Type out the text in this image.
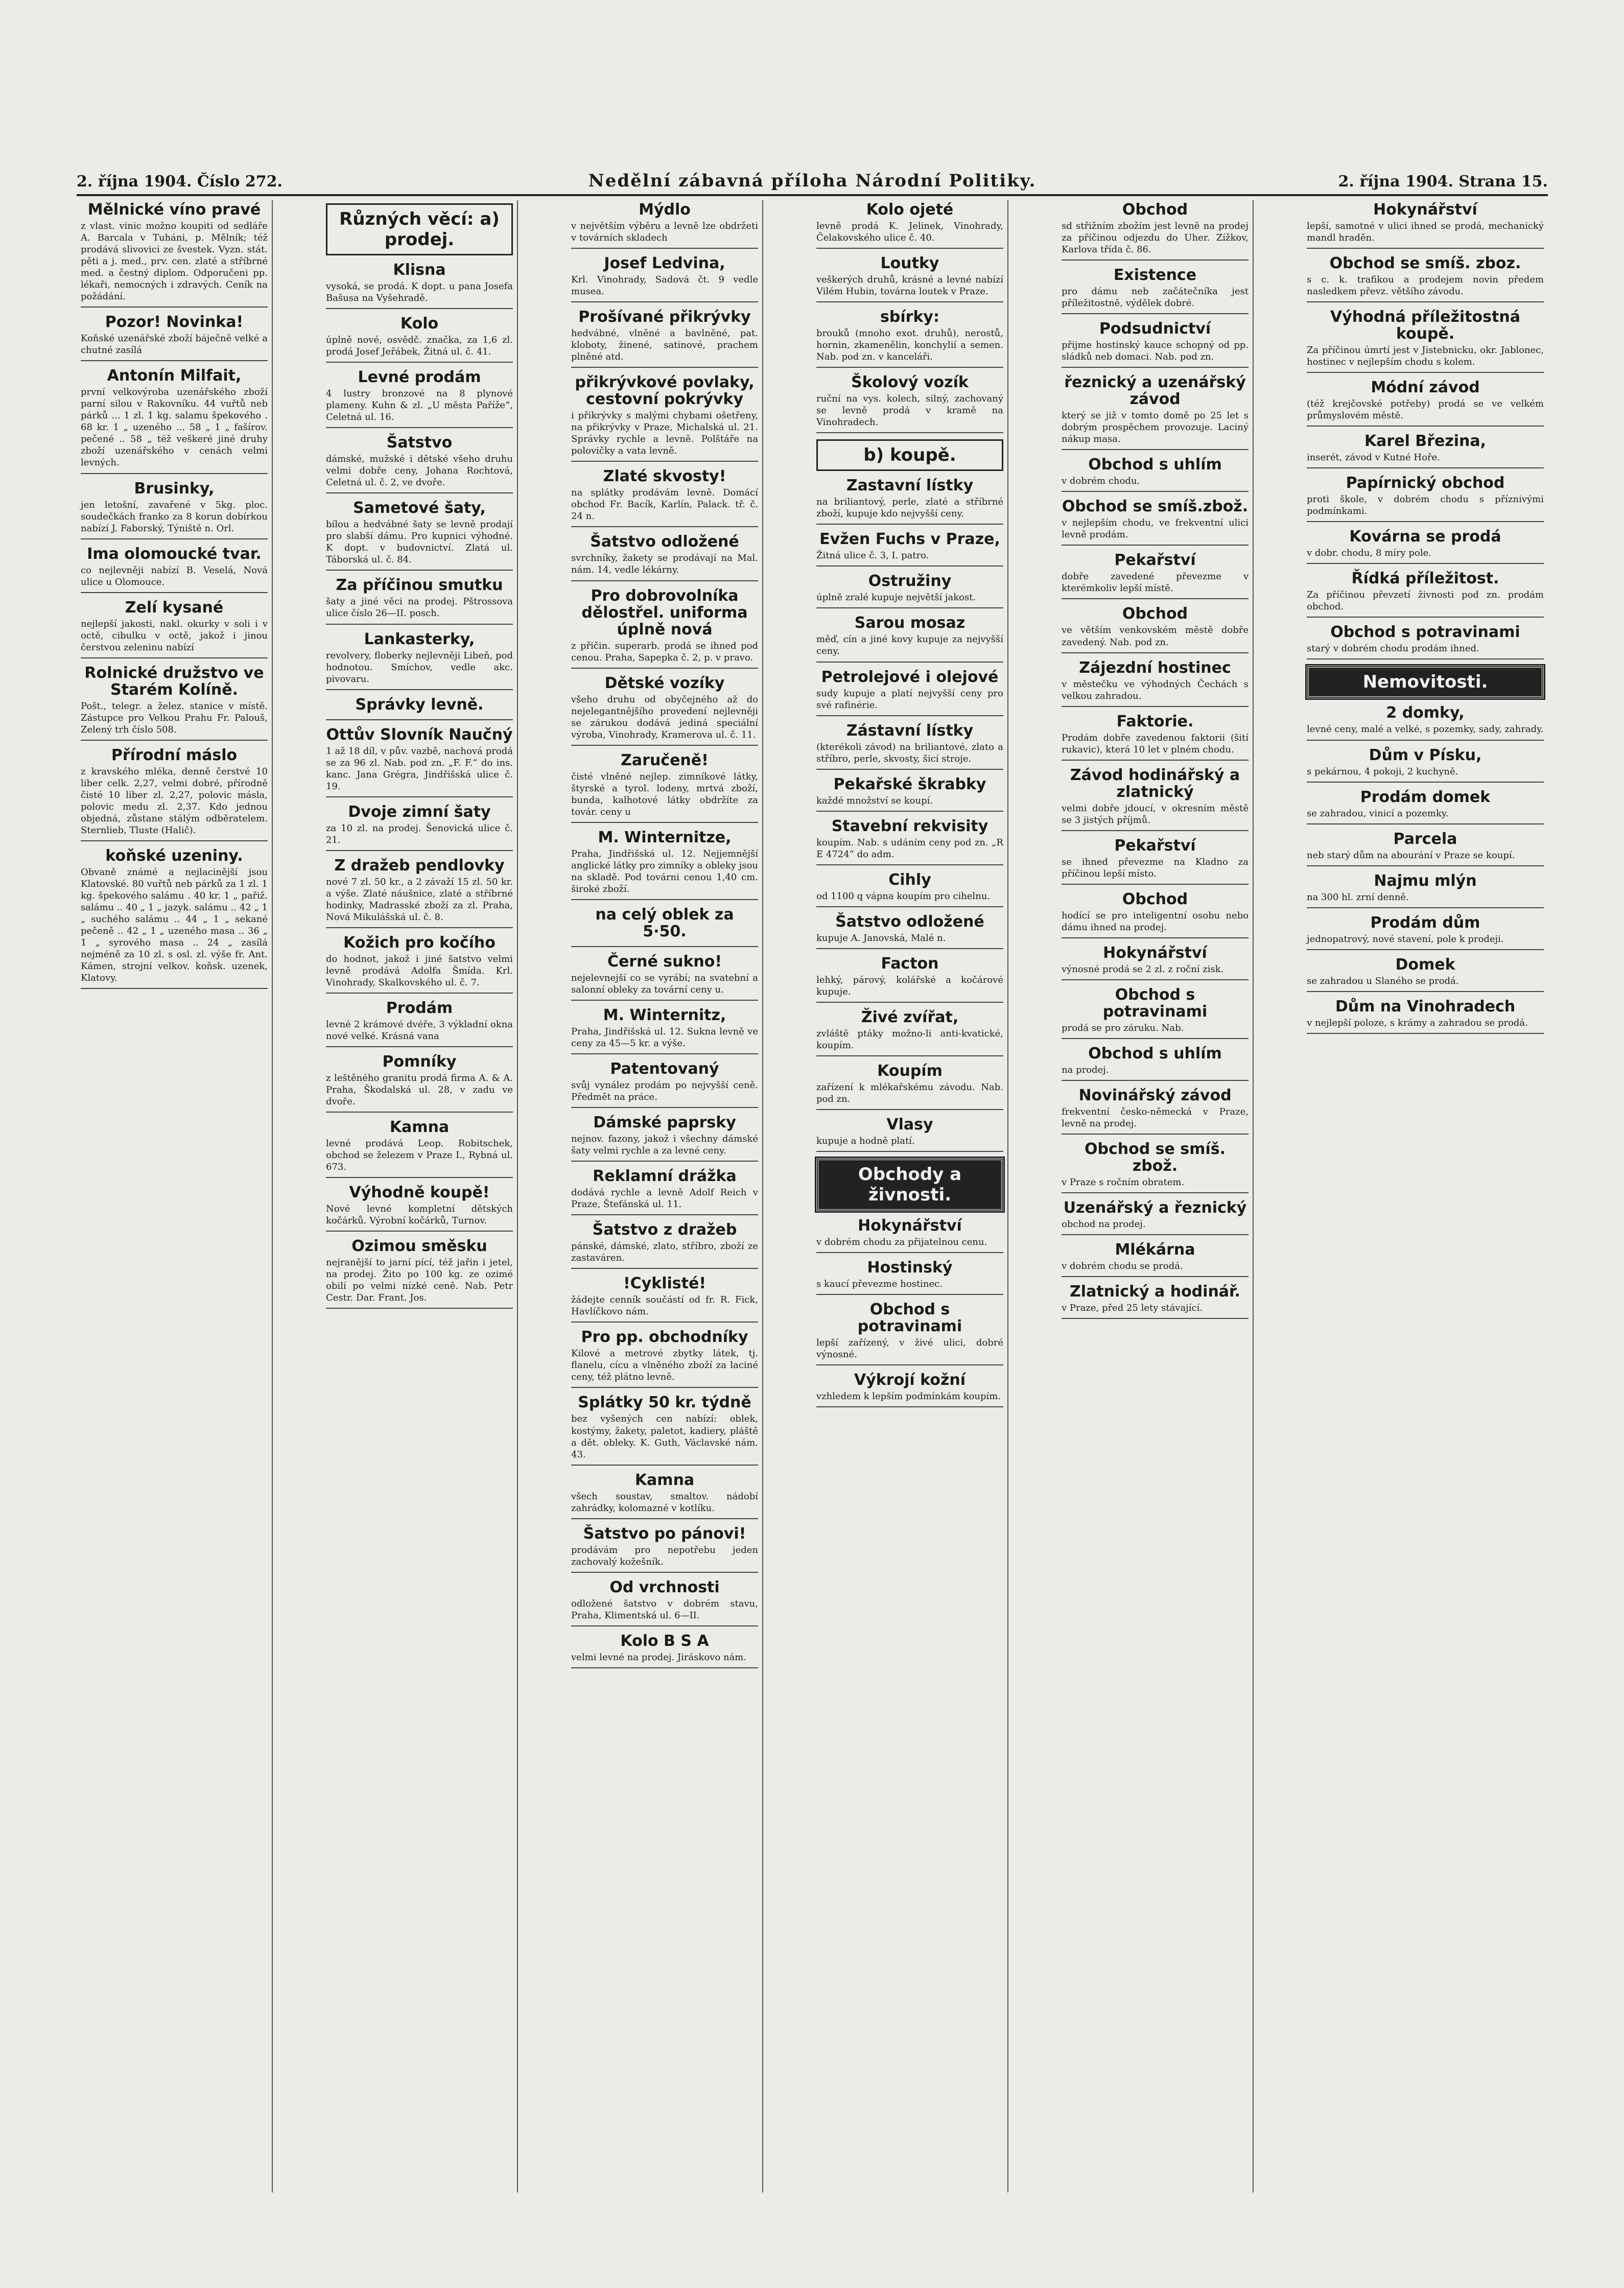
2. října 1904. Číslo 272.	Nedělní zábavná příloha Národní Politiky.	2. října 1904. Strana 15.
Mělnické víno pravé

z vlast. vinic možno koupiti od sedláře A. Barcala v Tuháni, p. Mělník; též prodává slivovici ze švestek. Vyzn. stát. pěti a j. med., prv. cen. zlaté a stříbrné med. a čestný diplom. Odporučeni pp. lékaři, nemocných i zdravých. Ceník na požádání.

Pozor! Novinka!

Koňské uzenářské zboží báječně velké a chutné zasílá

Antonín Milfait,

první velkovýroba uzenářského zboží parní silou v Rakovníku. 44 vuřtů neb párků ... 1 zl. 1 kg. salamu špekového . 68 kr. 1 „ uzeného ... 58 „ 1 „ fašírov. pečené .. 58 „ též veškeré jiné druhy zboží uzenářského v cenách velmi levných.

Brusinky,

jen letošní, zavařené v 5kg. ploc. soudečkách franko za 8 korun dobírkou nabízí J. Faborský, Týniště n. Orl.

Ima olomoucké tvar.

co nejlevněji nabízí B. Veselá, Nová ulice u Olomouce.

Zelí kysané

nejlepší jakosti, nakl. okurky v soli i v octě, cibulku v octě, jakož i jinou čerstvou zeleninu nabízí

Rolnické družstvo ve Starém Kolíně.

Pošt., telegr. a želez. stanice v místě. Zástupce pro Velkou Prahu Fr. Palouš, Zelený trh číslo 508.

Přírodní máslo

z kravského mléka, denně čerstvé 10 liber celk. 2,27, velmi dobré, přírodně čisté 10 liber zl. 2,27, polovic másla, polovic medu zl. 2,37. Kdo jednou objedná, zůstane stálým odběratelem. Sternlieb, Tluste (Halič).

koňské uzeniny.

Obvaně známé a nejlacinější jsou Klatovské. 80 vuřtů neb párků za 1 zl. 1 kg. špekového salámu . 40 kr. 1 „ pařiž. salámu .. 40 „ 1 „ jazyk. salámu .. 42 „ 1 „ suchého salámu .. 44 „ 1 „ sekané pečeně .. 42 „ 1 „ uzeného masa .. 36 „ 1 „ syrového masa .. 24 „ zasílá nejméně za 10 zl. s osl. zl. výše fr. Ant. Kámen, strojní velkov. koňsk. uzenek, Klatovy.

Různých věcí: a) prodej.
Klisna

vysoká, se prodá. K dopt. u pana Josefa Bašusa na Vyšehradě.

Kolo

úplně nové, osvědč. značka, za 1,6 zl. prodá Josef Jeřábek, Žitná ul. č. 41.

Levné prodám

4 lustry bronzové na 8 plynové plameny. Kuhn & zl. „U města Paříže“, Celetná ul. 16.

Šatstvo

dámské, mužské i dětské všeho druhu velmi dobře ceny, Johana Rochtová, Celetná ul. č. 2, ve dvoře.

Sametové šaty,

bílou a hedvábné šaty se levně prodají pro slabší dámu. Pro kupnici výhodné. K dopt. v budovnictví. Zlatá ul. Táborská ul. č. 84.

Za příčinou smutku

šaty a jiné věci na prodej. Pštrossova ulice číslo 26—II. posch.

Lankasterky,

revolvery, floberky nejlevněji Libeň, pod hodnotou. Smíchov, vedle akc. pivovaru.

Správky levně.
Ottův Slovník Naučný

1 až 18 díl, v pův. vazbě, nachová prodá se za 96 zl. Nab. pod zn. „F. F.“ do ins. kanc. Jana Grégra, Jindřišská ulice č. 19.

Dvoje zimní šaty

za 10 zl. na prodej. Šenovická ulice č. 21.

Z dražeb pendlovky

nové 7 zl. 50 kr., a 2 závaží 15 zl. 50 kr. a výše. Zlaté náušnice, zlaté a stříbrné hodinky, Madrasské zboží za zl. Praha, Nová Mikulášská ul. č. 8.

Kožich pro kočího

do hodnot, jakož i jiné šatstvo velmi levně prodává Adolfa Šmída. Krl. Vinohrady, Skalkovského ul. č. 7.

Prodám

levné 2 krámové dvéře, 3 výkladní okna nové velké. Krásná vana

Pomníky

z leštěného granitu prodá firma A. & A. Praha, Škodalská ul. 28, v zadu ve dvoře.

Kamna

levné prodává Leop. Robitschek, obchod se železem v Praze I., Rybná ul. 673.

Výhodně koupě!

Nové levné kompletní dětských kočárků. Výrobní kočárků, Turnov.

Ozimou směsku

nejranější to jarní pící, též jařin i jetel, na prodej. Žito po 100 kg. ze ozimé obilí po velmi nízké ceně. Nab. Petr Cestr. Dar. Frant. Jos.

Mýdlo

v největším výběru a levně lze obdržeti v továrních skladech

Josef Ledvina,

Krl. Vinohrady, Sadová čt. 9 vedle musea.

Prošívané přikrývky

hedvábné, vlněné a bavlněné, pat. kloboty, žinené, satinové, prachem plněné atd.

přikrývkové povlaky, cestovní pokrývky

i přikrývky s malými chybami ošetřeny, na přikrývky v Praze, Michalská ul. 21. Správky rychle a levně. Polštáře na polovičky a vata levně.

Zlaté skvosty!

na splátky prodávám levně. Domácí obchod Fr. Bacík, Karlín, Palack. tř. č. 24 n.

Šatstvo odložené

svrchníky, žakety se prodávají na Mal. nám. 14, vedle lékárny.

Pro dobrovolníka dělostřel. uniforma úplně nová

z přičin. superarb. prodá se ihned pod cenou. Praha, Sapepka č. 2, p. v pravo.

Dětské vozíky

všeho druhu od obyčejného až do nejelegantnějšího provedení nejlevněji se zárukou dodává jediná speciální výroba, Vinohrady, Kramerova ul. č. 11.

Zaručeně!

čisté vlněné nejlep. zimníkové látky, štyrské a tyrol. lodeny, mrtvá zboží, bunda, kalhotové látky obdržíte za továr. ceny u

M. Winternitze,

Praha, Jindřišská ul. 12. Nejjemnější anglické látky pro zimníky a obleky jsou na skladě. Pod továrni cenou 1,40 cm. široké zboží.

na celý oblek za 5·50.
Černé sukno!

nejelevnejší co se vyrábí; na svatební a salonní obleky za tovární ceny u.

M. Winternitz,

Praha, Jindřišská ul. 12. Sukna levně ve ceny za 45—5 kr. a výše.

Patentovaný

svůj vynález prodám po nejvyšší ceně. Předmět na práce.

Dámské paprsky

nejnov. fazony, jakož i všechny dámské šaty velmi rychle a za levné ceny.

Reklamní drážka

dodává rychle a levně Adolf Reich v Praze, Štefánská ul. 11.

Šatstvo z dražeb

pánské, dámské, zlato, stříbro, zboží ze zastaváren.

!Cyklisté!

žádejte cenník součástí od fr. R. Fick, Havlíčkovo nám.

Pro pp. obchodníky

Kilové a metrové zbytky látek, tj. flanelu, cícu a vlněného zboží za laciné ceny, též plátno levně.

Splátky 50 kr. týdně

bez vyšených cen nabízí: oblek, kostýmy, žakety, paletot, kadiery, pláště a dět. obleky. K. Guth, Václavské nám. 43.

Kamna

všech soustav, smaltov. nádobí zahrádky, kolomazné v kotlíku.

Šatstvo po pánovi!

prodávám pro nepotřebu jeden zachovalý kožešník.

Od vrchnosti

odložené šatstvo v dobrém stavu, Praha, Klimentská ul. 6—II.

Kolo B S A

velmi levné na prodej. Jiráskovo nám.

Kolo ojeté

levně prodá K. Jelinek, Vinohrady, Čelakovského ulice č. 40.

Loutky

veškerých druhů, krásné a levné nabízí Vilém Hubin, továrna loutek v Praze.

sbírky:

brouků (mnoho exot. druhů), nerostů, hornin, zkamenělin, konchylií a semen. Nab. pod zn. v kanceláři.

Školový vozík

ruční na vys. kolech, silný, zachovaný se levně prodá v kramě na Vinohradech.

b) koupě.
Zastavní lístky

na briliantový, perle, zlaté a stříbrné zboží, kupuje kdo nejvyšší ceny.

Evžen Fuchs v Praze,

Žitná ulice č. 3, I. patro.

Ostružiny

úplně zralé kupuje největší jakost.

Sarou mosaz

měď, cín a jiné kovy kupuje za nejvyšší ceny.

Petrolejové i olejové

sudy kupuje a platí nejvyšší ceny pro své rafinérie.

Zástavní lístky

(kterékoli závod) na briliantové, zlato a stříbro, perle, skvosty, šicí stroje.

Pekařské škrabky

každé množství se koupí.

Stavební rekvisity

koupím. Nab. s udáním ceny pod zn. „R E 4724“ do adm.

Cihly

od 1100 q vápna koupím pro cihelnu.

Šatstvo odložené

kupuje A. Janovská, Malé n.

Facton

lehký, párový, kolářské a kočárové kupuje.

Živé zvířat,

zvláště ptáky možno-li anti-kvatické, koupím.

Koupím

zařízení k mlékařskému závodu. Nab. pod zn.

Vlasy

kupuje a hodně platí.

Obchody a živnosti.
Hokynářství

v dobrém chodu za přijatelnou cenu.

Hostinský

s kaucí převezme hostinec.

Obchod s potravinami

lepší zařízený, v živé ulici, dobré výnosné.

Výkrojí kožní

vzhledem k lepším podmínkám koupím.

Obchod

sd střižním zbožím jest levně na prodej za příčinou odjezdu do Uher. Zížkov, Karlova třída č. 86.

Existence

pro dámu neb začátečníka jest příležitostně, výdělek dobré.

Podsudnictví

přijme hostinský kauce schopný od pp. sládků neb domaci. Nab. pod zn.

řeznický a uzenářský závod

který se již v tomto domě po 25 let s dobrým prospěchem provozuje. Laciný nákup masa.

Obchod s uhlím

v dobrém chodu.

Obchod se smíš.zbož.

v nejlepším chodu, ve frekventní ulici levně prodám.

Pekařství

dobře zavedené převezme v kterémkoliv lepší místě.

Obchod

ve větším venkovském městě dobře zavedený. Nab. pod zn.

Zájezdní hostinec

v městečku ve výhodných Čechách s velkou zahradou.

Faktorie.

Prodám dobře zavedenou faktorii (šití rukavic), která 10 let v plném chodu.

Závod hodinářský a zlatnický

velmi dobře jdoucí, v okresním městě se 3 jistých příjmů.

Pekařství

se ihned převezme na Kladno za příčinou lepší místo.

Obchod

hodící se pro inteligentní osobu nebo dámu ihned na prodej.

Hokynářství

výnosné prodá se 2 zl. z roční zisk.

Obchod s potravinami

prodá se pro záruku. Nab.

Obchod s uhlím

na prodej.

Novinářský závod

frekventní česko-německá v Praze, levně na prodej.

Obchod se smíš. zbož.

v Praze s ročním obratem.

Uzenářský a řeznický

obchod na prodej.

Mlékárna

v dobrém chodu se prodá.

Zlatnický a hodinář.

v Praze, před 25 lety stávající.

Hokynářství

lepší, samotné v ulici ihned se prodá, mechanický mandl hraděn.

Obchod se smíš. zboz.

s c. k. trafikou a prodejem novin předem nasledkem převz. většího závodu.

Výhodná příležitostná koupě.

Za příčinou úmrtí jest v Jistebnicku, okr. Jablonec, hostinec v nejlepším chodu s kolem.

Módní závod

(též krejčovské potřeby) prodá se ve velkém průmyslovém městě.

Karel Březina,

inserét, závod v Kutné Hoře.

Papírnický obchod

proti škole, v dobrém chodu s příznivými podmínkami.

Kovárna se prodá

v dobr. chodu, 8 míry pole.

Řídká příležitost.

Za příčinou převzetí živnosti pod zn. prodám obchod.

Obchod s potravinami

starý v dobrém chodu prodám ihned.

Nemovitosti.
2 domky,

levné ceny, malé a velké, s pozemky, sady, zahrady.

Dům v Písku,

s pekárnou, 4 pokoji, 2 kuchyně.

Prodám domek

se zahradou, vinicí a pozemky.

Parcela

neb starý dům na abourání v Praze se koupí.

Najmu mlýn

na 300 hl. zrní denně.

Prodám dům

jednopatrový, nové stavení, pole k prodeji.

Domek

se zahradou u Slaného se prodá.

Dům na Vinohradech

v nejlepší poloze, s krámy a zahradou se prodá.
